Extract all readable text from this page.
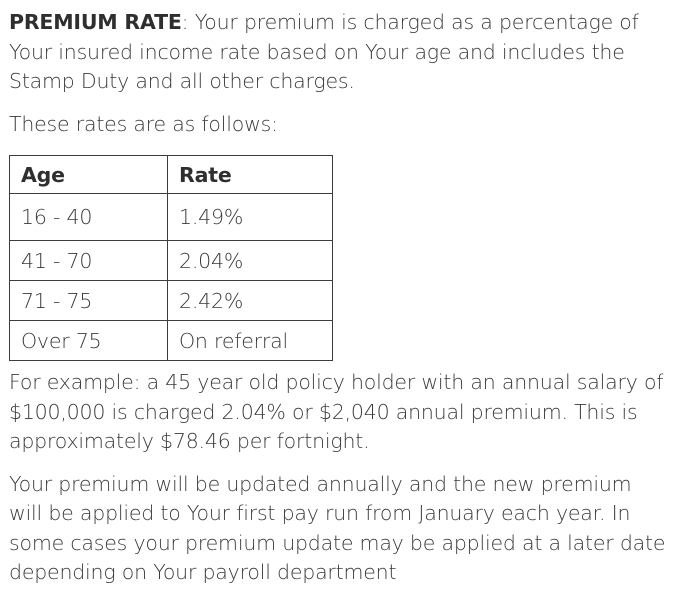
PREMIUM RATE: Your premium is charged as a percentage of Your insured income rate based on Your age and includes the Stamp Duty and all other charges.

These rates are as follows:

Age	Rate
16 - 40	1.49%
41 - 70	2.04%
71 - 75	2.42%
Over 75	On referral

For example: a 45 year old policy holder with an annual salary of $100,000 is charged 2.04% or $2,040 annual premium. This is approximately $78.46 per fortnight.

Your premium will be updated annually and the new premium will be applied to Your first pay run from January each year. In some cases your premium update may be applied at a later date depending on Your payroll department
